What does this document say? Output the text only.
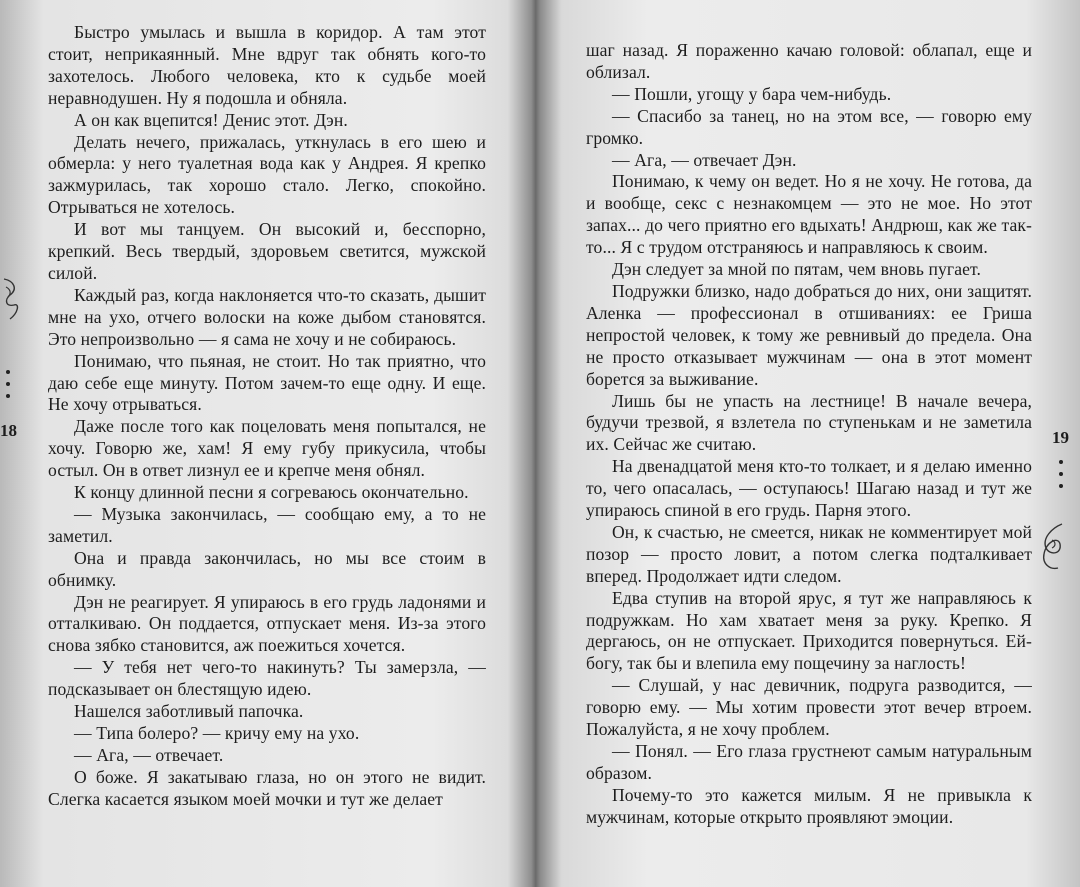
18

Быстро умылась и вышла в коридор. А там этот стоит, неприкаянный. Мне вдруг так обнять кого-то захотелось. Любого человека, кто к судьбе моей неравнодушен. Ну я подошла и обняла.

А он как вцепится! Денис этот. Дэн.

Делать нечего, прижалась, уткнулась в его шею и обмерла: у него туалетная вода как у Андрея. Я крепко зажмурилась, так хорошо стало. Легко, спокойно. Отрываться не хотелось.

И вот мы танцуем. Он высокий и, бесспорно, крепкий. Весь твердый, здоровьем светится, мужской силой.

Каждый раз, когда наклоняется что-то сказать, дышит мне на ухо, отчего волоски на коже дыбом становятся. Это непроизвольно — я сама не хочу и не собираюсь.

Понимаю, что пьяная, не стоит. Но так приятно, что даю себе еще минуту. Потом зачем-то еще одну. И еще. Не хочу отрываться.

Даже после того как поцеловать меня попытался, не хочу. Говорю же, хам! Я ему губу прикусила, чтобы остыл. Он в ответ лизнул ее и крепче меня обнял.

К концу длинной песни я согреваюсь окончательно.

— Музыка закончилась, — сообщаю ему, а то не заметил.

Она и правда закончилась, но мы все стоим в обнимку.

Дэн не реагирует. Я упираюсь в его грудь ладонями и отталкиваю. Он поддается, отпускает меня. Из-за этого снова зябко становится, аж поежиться хочется.

— У тебя нет чего-то накинуть? Ты замерзла, — подсказывает он блестящую идею.

Нашелся заботливый папочка.

— Типа болеро? — кричу ему на ухо.

— Ага, — отвечает.

О боже. Я закатываю глаза, но он этого не видит. Слегка касается языком моей мочки и тут же делает

19

шаг назад. Я пораженно качаю головой: облапал, еще и облизал.

— Пошли, угощу у бара чем-нибудь.

— Спасибо за танец, но на этом все, — говорю ему громко.

— Ага, — отвечает Дэн.

Понимаю, к чему он ведет. Но я не хочу. Не готова, да и вообще, секс с незнакомцем — это не мое. Но этот запах... до чего приятно его вдыхать! Андрюш, как же так-то... Я с трудом отстраняюсь и направляюсь к своим.

Дэн следует за мной по пятам, чем вновь пугает.

Подружки близко, надо добраться до них, они защитят. Аленка — профессионал в отшиваниях: ее Гриша непростой человек, к тому же ревнивый до предела. Она не просто отказывает мужчинам — она в этот момент борется за выживание.

Лишь бы не упасть на лестнице! В начале вечера, будучи трезвой, я взлетела по ступенькам и не заметила их. Сейчас же считаю.

На двенадцатой меня кто-то толкает, и я делаю именно то, чего опасалась, — оступаюсь! Шагаю назад и тут же упираюсь спиной в его грудь. Парня этого.

Он, к счастью, не смеется, никак не комментирует мой позор — просто ловит, а потом слегка подталкивает вперед. Продолжает идти следом.

Едва ступив на второй ярус, я тут же направляюсь к подружкам. Но хам хватает меня за руку. Крепко. Я дергаюсь, он не отпускает. Приходится повернуться. Ей-богу, так бы и влепила ему пощечину за наглость!

— Слушай, у нас девичник, подруга разводится, — говорю ему. — Мы хотим провести этот вечер втроем. Пожалуйста, я не хочу проблем.

— Понял. — Его глаза грустнеют самым натуральным образом.

Почему-то это кажется милым. Я не привыкла к мужчинам, которые открыто проявляют эмоции.
